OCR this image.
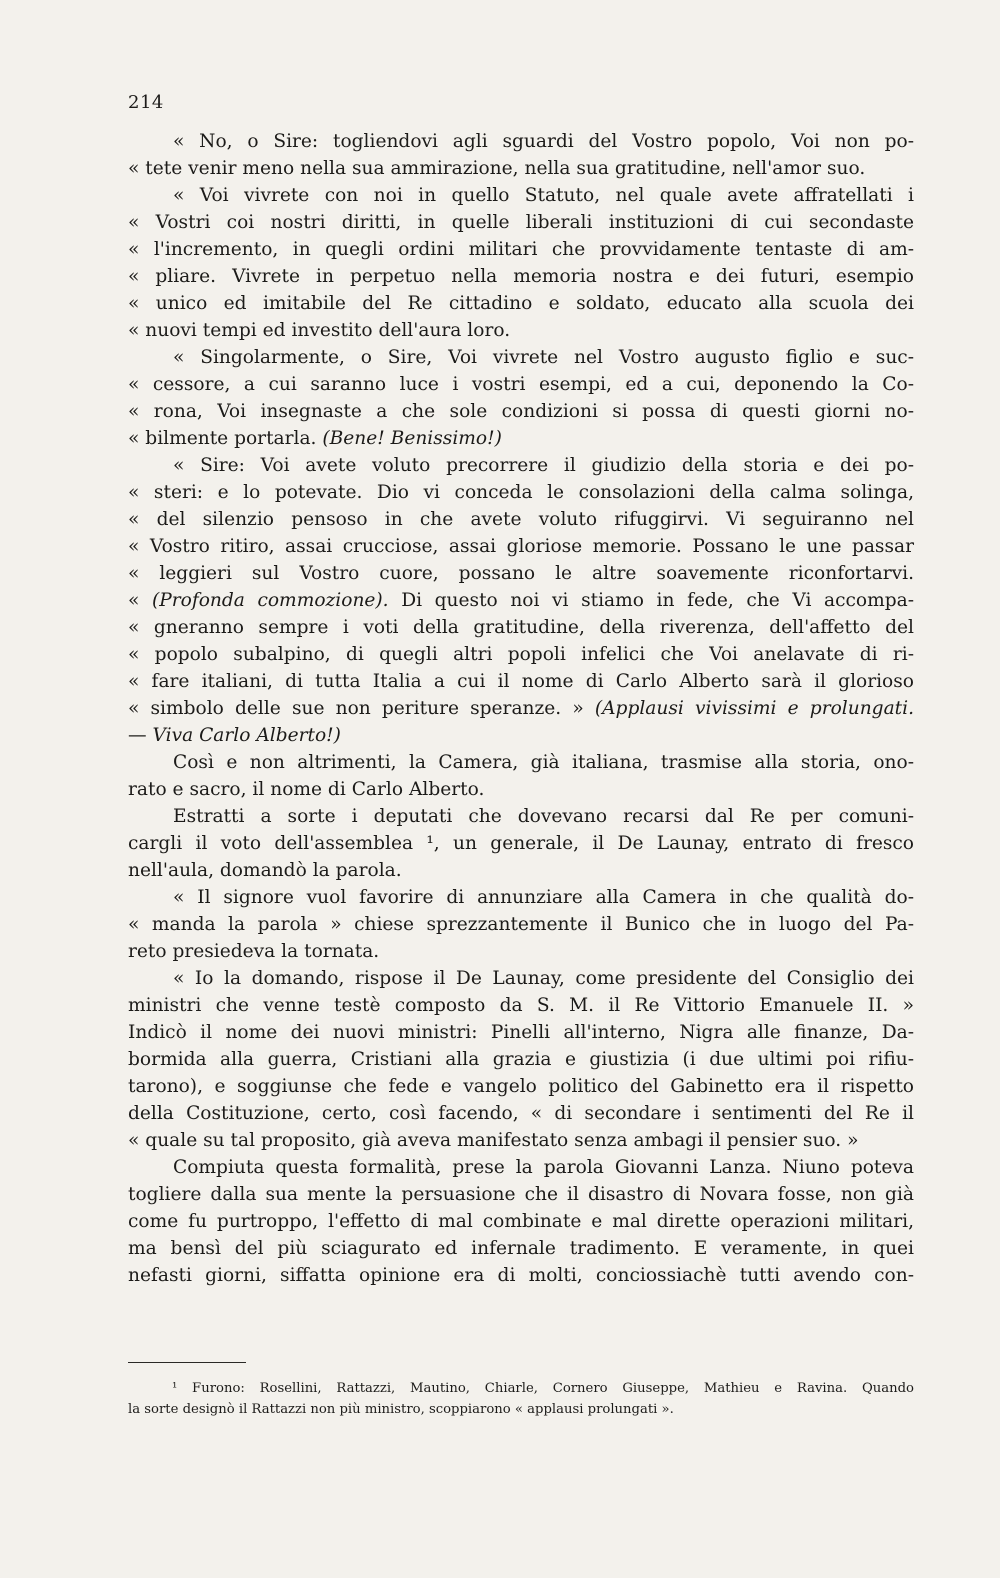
214
« No, o Sire: togliendovi agli sguardi del Vostro popolo, Voi non po-
« tete venir meno nella sua ammirazione, nella sua gratitudine, nell'amor suo.
« Voi vivrete con noi in quello Statuto, nel quale avete affratellati i
« Vostri coi nostri diritti, in quelle liberali instituzioni di cui secondaste
« l'incremento, in quegli ordini militari che provvidamente tentaste di am-
« pliare. Vivrete in perpetuo nella memoria nostra e dei futuri, esempio
« unico ed imitabile del Re cittadino e soldato, educato alla scuola dei
« nuovi tempi ed investito dell'aura loro.
« Singolarmente, o Sire, Voi vivrete nel Vostro augusto figlio e suc-
« cessore, a cui saranno luce i vostri esempi, ed a cui, deponendo la Co-
« rona, Voi insegnaste a che sole condizioni si possa di questi giorni no-
« bilmente portarla. (Bene! Benissimo!)
« Sire: Voi avete voluto precorrere il giudizio della storia e dei po-
« steri: e lo potevate. Dio vi conceda le consolazioni della calma solinga,
« del silenzio pensoso in che avete voluto rifuggirvi. Vi seguiranno nel
« Vostro ritiro, assai crucciose, assai gloriose memorie. Possano le une passar
« leggieri sul Vostro cuore, possano le altre soavemente riconfortarvi.
« (Profonda commozione). Di questo noi vi stiamo in fede, che Vi accompa-
« gneranno sempre i voti della gratitudine, della riverenza, dell'affetto del
« popolo subalpino, di quegli altri popoli infelici che Voi anelavate di ri-
« fare italiani, di tutta Italia a cui il nome di Carlo Alberto sarà il glorioso
« simbolo delle sue non periture speranze. » (Applausi vivissimi e prolungati.
— Viva Carlo Alberto!)
Così e non altrimenti, la Camera, già italiana, trasmise alla storia, ono-
rato e sacro, il nome di Carlo Alberto.
Estratti a sorte i deputati che dovevano recarsi dal Re per comuni-
cargli il voto dell'assemblea ¹, un generale, il De Launay, entrato di fresco
nell'aula, domandò la parola.
« Il signore vuol favorire di annunziare alla Camera in che qualità do-
« manda la parola » chiese sprezzantemente il Bunico che in luogo del Pa-
reto presiedeva la tornata.
« Io la domando, rispose il De Launay, come presidente del Consiglio dei
ministri che venne testè composto da S. M. il Re Vittorio Emanuele II. »
Indicò il nome dei nuovi ministri: Pinelli all'interno, Nigra alle finanze, Da-
bormida alla guerra, Cristiani alla grazia e giustizia (i due ultimi poi rifiu-
tarono), e soggiunse che fede e vangelo politico del Gabinetto era il rispetto
della Costituzione, certo, così facendo, « di secondare i sentimenti del Re il
« quale su tal proposito, già aveva manifestato senza ambagi il pensier suo. »
Compiuta questa formalità, prese la parola Giovanni Lanza. Niuno poteva
togliere dalla sua mente la persuasione che il disastro di Novara fosse, non già
come fu purtroppo, l'effetto di mal combinate e mal dirette operazioni militari,
ma bensì del più sciagurato ed infernale tradimento. E veramente, in quei
nefasti giorni, siffatta opinione era di molti, conciossiachè tutti avendo con-
¹ Furono: Rosellini, Rattazzi, Mautino, Chiarle, Cornero Giuseppe, Mathieu e Ravina. Quando
la sorte designò il Rattazzi non più ministro, scoppiarono « applausi prolungati ».
